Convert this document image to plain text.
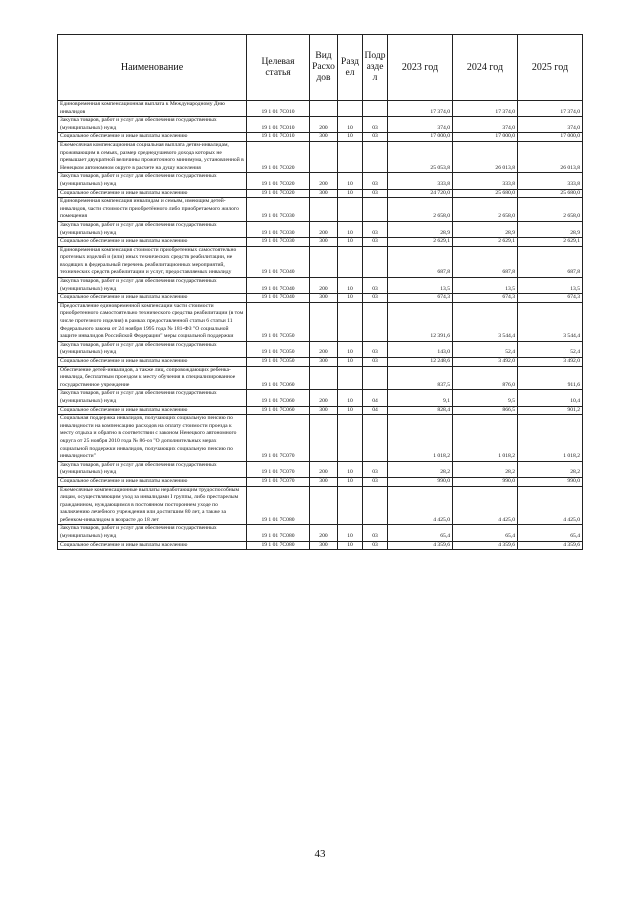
Наименование	Целевая статья	Вид Расхо дов	Разд ел	Подр азде л	2023 год	2024 год	2025 год
Единовременная компенсационная выплата к Международному Дню инвалидов	19 1 01 7С010				17 374,0	17 374,0	17 374,0
Закупка товаров, работ и услуг для обеспечения государственных (муниципальных) нужд	19 1 01 7С010	200	10	03	374,0	374,0	374,0
Социальное обеспечение и иные выплаты населению	19 1 01 7С010	300	10	03	17 000,0	17 000,0	17 000,0
Ежемесячная компенсационная социальная выплата детям-инвалидам, проживающим в семьях, размер среднедушевого дохода которых не превышает двукратной величины прожиточного минимума, установленной в Ненецком автономном округе в расчете на душу населения	19 1 01 7С020				25 053,8	26 013,8	26 013,8
Закупка товаров, работ и услуг для обеспечения государственных (муниципальных) нужд	19 1 01 7С020	200	10	03	333,8	333,8	333,8
Социальное обеспечение и иные выплаты населению	19 1 01 7С020	300	10	03	24 720,0	25 680,0	25 680,0
Единовременная компенсация инвалидам и семьям, имеющим детей-инвалидов, части стоимости приобретённого либо приобретаемого жилого помещения	19 1 01 7С030				2 658,0	2 658,0	2 658,0
Закупка товаров, работ и услуг для обеспечения государственных (муниципальных) нужд	19 1 01 7С030	200	10	03	28,9	28,9	28,9
Социальное обеспечение и иные выплаты населению	19 1 01 7С030	300	10	03	2 629,1	2 629,1	2 629,1
Единовременная компенсация стоимости приобретенных самостоятельно протезных изделий и (или) иных технических средств реабилитации, не входящих в федеральный перечень реабилитационных мероприятий, технических средств реабилитации и услуг, предоставляемых инвалиду	19 1 01 7С040				687,8	687,8	687,8
Закупка товаров, работ и услуг для обеспечения государственных (муниципальных) нужд	19 1 01 7С040	200	10	03	13,5	13,5	13,5
Социальное обеспечение и иные выплаты населению	19 1 01 7С040	300	10	03	674,3	674,3	674,3
Предоставление единовременной компенсации части стоимости приобретенного самостоятельно технического средства реабилитации (в том числе протезного изделия) в рамках предоставленной статьи 6 статьи 11 Федерального закона от 24 ноября 1995 года № 181-ФЗ "О социальной защите инвалидов Российской Федерации" меры социальной поддержки	19 1 01 7С050				12 391,6	3 544,4	3 544,4
Закупка товаров, работ и услуг для обеспечения государственных (муниципальных) нужд	19 1 01 7С050	200	10	03	143,0	52,4	52,4
Социальное обеспечение и иные выплаты населению	19 1 01 7С050	300	10	03	12 248,6	3 492,0	3 492,0
Обеспечение детей-инвалидов, а также лиц, сопровождающих ребенка-инвалида, бесплатным проездом к месту обучения в специализированное государственное учреждение	19 1 01 7С060				837,5	876,0	911,6
Закупка товаров, работ и услуг для обеспечения государственных (муниципальных) нужд	19 1 01 7С060	200	10	04	9,1	9,5	10,4
Социальное обеспечение и иные выплаты населению	19 1 01 7С060	300	10	04	828,4	866,5	901,2
Социальная поддержка инвалидов, получающих социальную пенсию по инвалидности на компенсацию расходов на оплату стоимости проезда к месту отдыха и обратно в соответствии с законом Ненецкого автономного округа от 25 ноября 2010 года № 86-оз "О дополнительных мерах социальной поддержки инвалидов, получающих социальную пенсию по инвалидности"	19 1 01 7С070				1 018,2	1 018,2	1 018,2
Закупка товаров, работ и услуг для обеспечения государственных (муниципальных) нужд	19 1 01 7С070	200	10	03	28,2	28,2	28,2
Социальное обеспечение и иные выплаты населению	19 1 01 7С070	300	10	03	990,0	990,0	990,0
Ежемесячные компенсационные выплаты неработающим трудоспособным лицам, осуществляющим уход за инвалидами I группы, либо престарелым гражданином, нуждающимся в постоянном постороннем уходе по заключению лечебного учреждения или достигшим 80 лет, а также за ребенком-инвалидом в возрасте до 18 лет	19 1 01 7С080				4 425,0	4 425,0	4 425,0
Закупка товаров, работ и услуг для обеспечения государственных (муниципальных) нужд	19 1 01 7С080	200	10	03	65,4	65,4	65,4
Социальное обеспечение и иные выплаты населению	19 1 01 7С080	300	10	03	4 359,6	4 359,6	4 359,6
43
